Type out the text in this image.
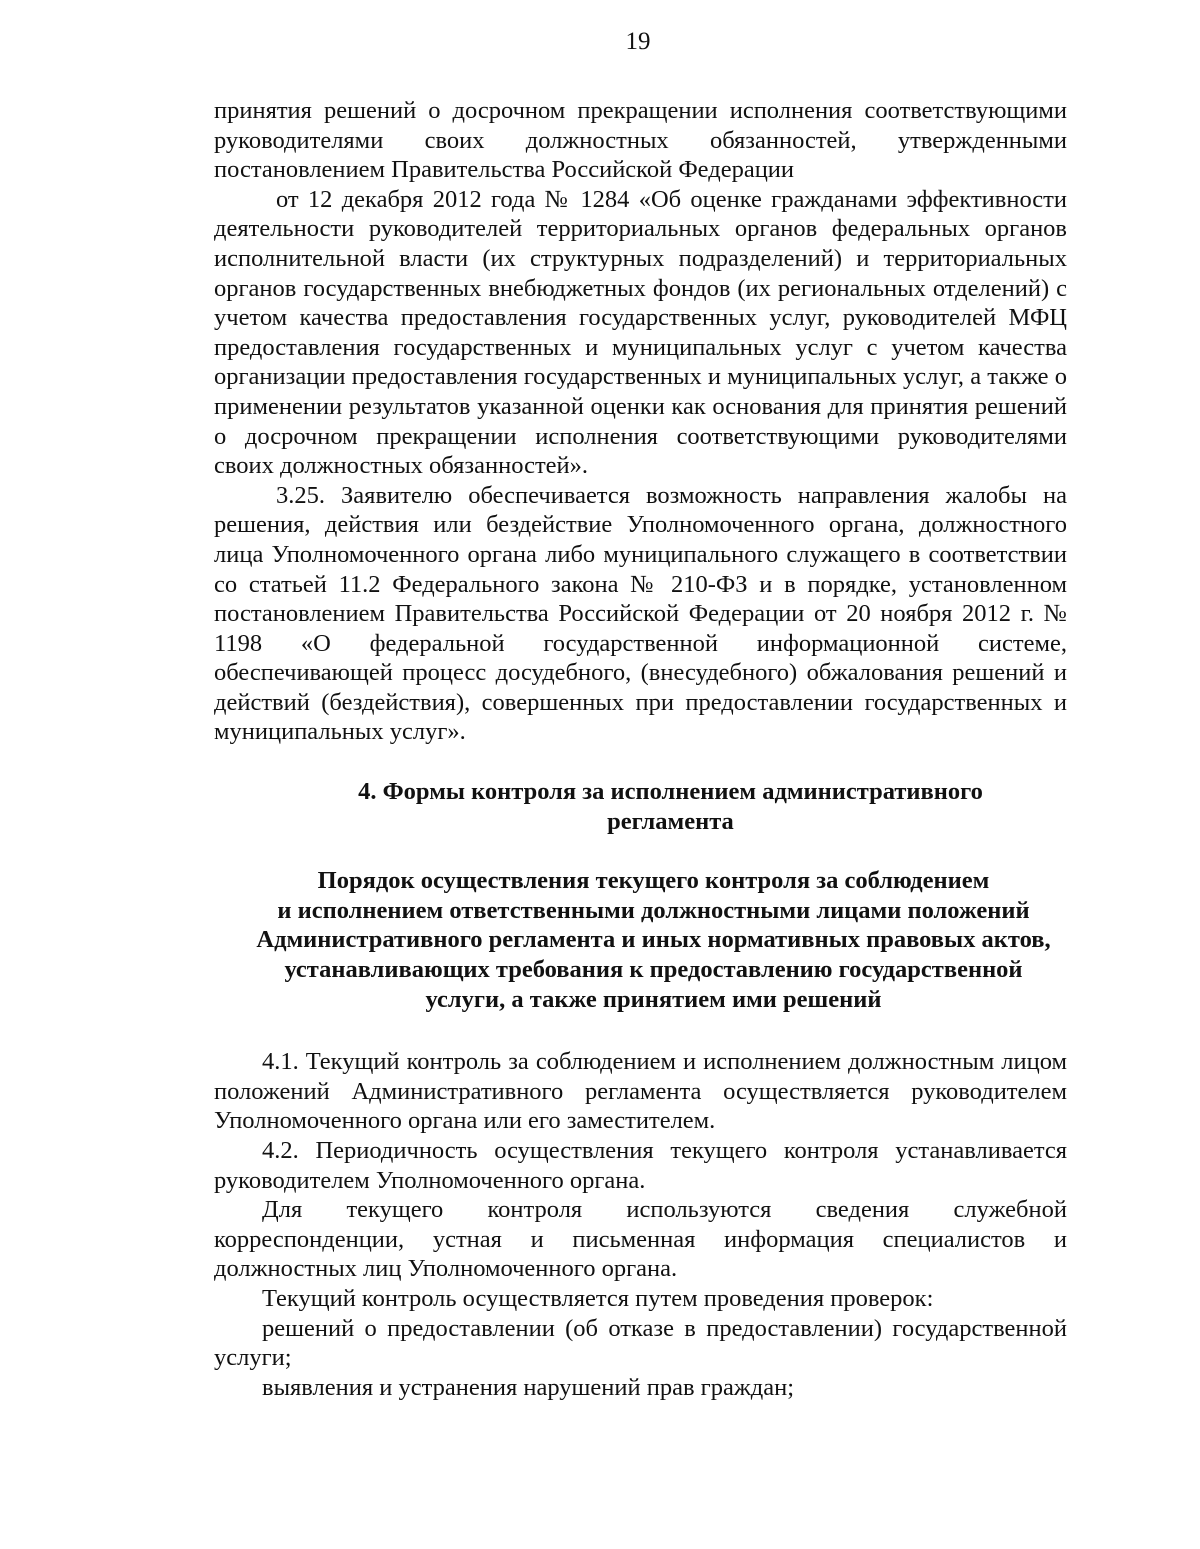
19

принятия решений о досрочном прекращении исполнения соответствующими руководителями своих должностных обязанностей, утвержденными постановлением Правительства Российской Федерации

от 12 декабря 2012 года № 1284 «Об оценке гражданами эффективности деятельности руководителей территориальных органов федеральных органов исполнительной власти (их структурных подразделений) и территориальных органов государственных внебюджетных фондов (их региональных отделений) с учетом качества предоставления государственных услуг, руководителей МФЦ предоставления государственных и муниципальных услуг с учетом качества организации предоставления государственных и муниципальных услуг, а также о применении результатов указанной оценки как основания для принятия решений о досрочном прекращении исполнения соответствующими руководителями своих должностных обязанностей».

3.25. Заявителю обеспечивается возможность направления жалобы на решения, действия или бездействие Уполномоченного органа, должностного лица Уполномоченного органа либо муниципального служащего в соответствии со статьей 11.2 Федерального закона № 210-ФЗ и в порядке, установленном постановлением Правительства Российской Федерации от 20 ноября 2012 г. № 1198 «О федеральной государственной информационной системе, обеспечивающей процесс досудебного, (внесудебного) обжалования решений и действий (бездействия), совершенных при предоставлении государственных и муниципальных услуг».

4. Формы контроля за исполнением административного
регламента
Порядок осуществления текущего контроля за соблюдением
и исполнением ответственными должностными лицами положений
Административного регламента и иных нормативных правовых актов,
устанавливающих требования к предоставлению государственной
услуги, а также принятием ими решений

4.1. Текущий контроль за соблюдением и исполнением должностным лицом положений Административного регламента осуществляется руководителем Уполномоченного органа или его заместителем.

4.2. Периодичность осуществления текущего контроля устанавливается руководителем Уполномоченного органа.

Для текущего контроля используются сведения служебной корреспонденции, устная и письменная информация специалистов и должностных лиц Уполномоченного органа.

Текущий контроль осуществляется путем проведения проверок:

решений о предоставлении (об отказе в предоставлении) государственной услуги;

выявления и устранения нарушений прав граждан;
